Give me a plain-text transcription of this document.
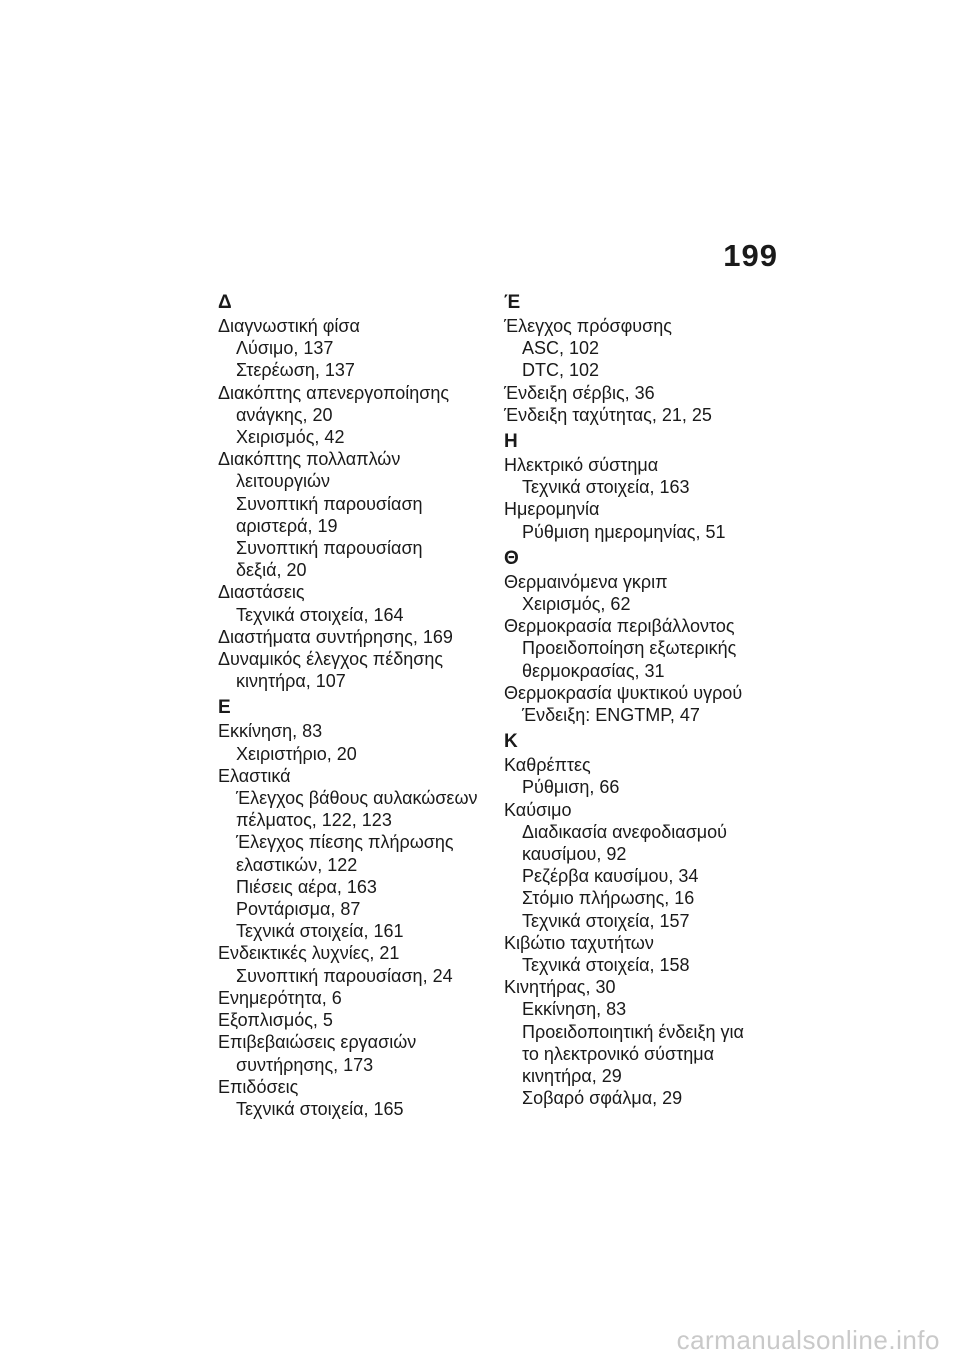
199
Δ
Διαγνωστική φίσα
Λύσιμο, 137
Στερέωση, 137
Διακόπτης απενεργοποίησης
ανάγκης, 20
Χειρισμός, 42
Διακόπτης πολλαπλών
λειτουργιών
Συνοπτική παρουσίαση
αριστερά, 19
Συνοπτική παρουσίαση
δεξιά, 20
Διαστάσεις
Τεχνικά στοιχεία, 164
Διαστήματα συντήρησης, 169
Δυναμικός έλεγχος πέδησης
κινητήρα, 107
Ε
Εκκίνηση, 83
Χειριστήριο, 20
Ελαστικά
Έλεγχος βάθους αυλακώσεων
πέλματος, 122, 123
Έλεγχος πίεσης πλήρωσης
ελαστικών, 122
Πιέσεις αέρα, 163
Ροντάρισμα, 87
Τεχνικά στοιχεία, 161
Ενδεικτικές λυχνίες, 21
Συνοπτική παρουσίαση, 24
Ενημερότητα, 6
Εξοπλισμός, 5
Επιβεβαιώσεις εργασιών
συντήρησης, 173
Επιδόσεις
Τεχνικά στοιχεία, 165
Έ
Έλεγχος πρόσφυσης
ASC, 102
DTC, 102
Ένδειξη σέρβις, 36
Ένδειξη ταχύτητας, 21, 25
Η
Ηλεκτρικό σύστημα
Τεχνικά στοιχεία, 163
Ημερομηνία
Ρύθμιση ημερομηνίας, 51
Θ
Θερμαινόμενα γκριπ
Χειρισμός, 62
Θερμοκρασία περιβάλλοντος
Προειδοποίηση εξωτερικής
θερμοκρασίας, 31
Θερμοκρασία ψυκτικού υγρού
Ένδειξη: ENGTMP, 47
Κ
Καθρέπτες
Ρύθμιση, 66
Καύσιμο
Διαδικασία ανεφοδιασμού
καυσίμου, 92
Ρεζέρβα καυσίμου, 34
Στόμιο πλήρωσης, 16
Τεχνικά στοιχεία, 157
Κιβώτιο ταχυτήτων
Τεχνικά στοιχεία, 158
Κινητήρας, 30
Εκκίνηση, 83
Προειδοποιητική ένδειξη για
το ηλεκτρονικό σύστημα
κινητήρα, 29
Σοβαρό σφάλμα, 29
carmanualsonline.info
